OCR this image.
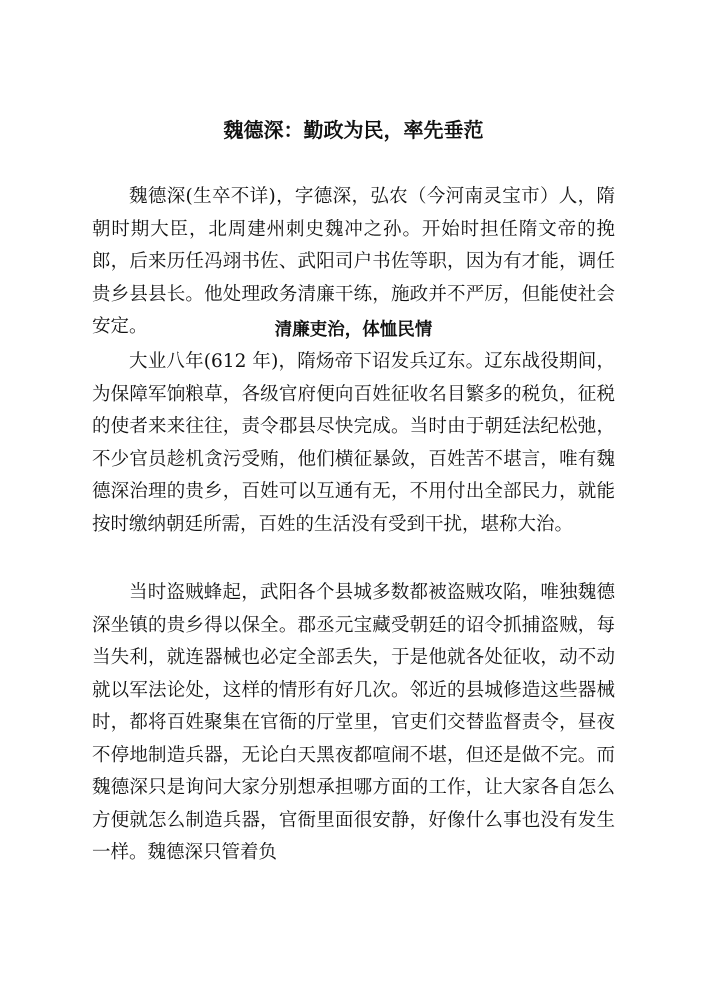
魏德深：勤政为民，率先垂范

魏德深(生卒不详)，字德深，弘农（今河南灵宝市）人，隋朝时期大臣，北周建州刺史魏冲之孙。开始时担任隋文帝的挽郎，后来历任冯翊书佐、武阳司户书佐等职，因为有才能，调任贵乡县县长。他处理政务清廉干练，施政并不严厉，但能使社会安定。	清廉吏治，体恤民情

大业八年(612 年)，隋炀帝下诏发兵辽东。辽东战役期间，为保障军饷粮草，各级官府便向百姓征收名目繁多的税负，征税的使者来来往往，责令郡县尽快完成。当时由于朝廷法纪松弛，不少官员趁机贪污受贿，他们横征暴敛，百姓苦不堪言，唯有魏德深治理的贵乡，百姓可以互通有无，不用付出全部民力，就能按时缴纳朝廷所需，百姓的生活没有受到干扰，堪称大治。

当时盗贼蜂起，武阳各个县城多数都被盗贼攻陷，唯独魏德深坐镇的贵乡得以保全。郡丞元宝藏受朝廷的诏令抓捕盗贼，每当失利，就连器械也必定全部丢失，于是他就各处征收，动不动就以军法论处，这样的情形有好几次。邻近的县城修造这些器械时，都将百姓聚集在官衙的厅堂里，官吏们交替监督责令，昼夜不停地制造兵器，无论白天黑夜都喧闹不堪，但还是做不完。而魏德深只是询问大家分别想承担哪方面的工作，让大家各自怎么方便就怎么制造兵器，官衙里面很安静，好像什么事也没有发生一样。魏德深只管着负
